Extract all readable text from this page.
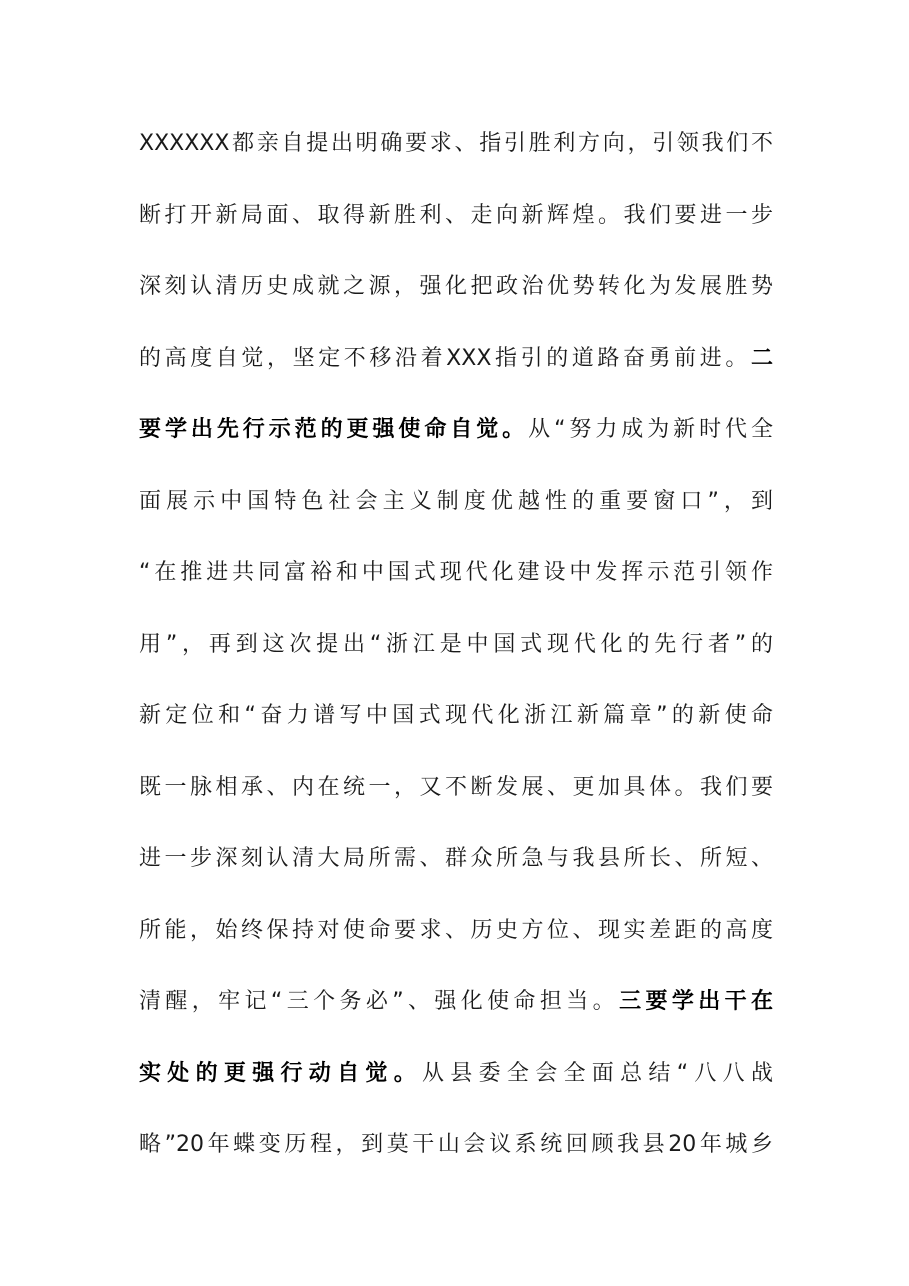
XXXXXX都亲自提出明确要求、指引胜利方向，引领我们不
断打开新局面、取得新胜利、走向新辉煌。我们要进一步
深刻认清历史成就之源，强化把政治优势转化为发展胜势
的高度自觉，坚定不移沿着XXX指引的道路奋勇前进。二
要学出先行示范的更强使命自觉。从“努力成为新时代全
面展示中国特色社会主义制度优越性的重要窗口”，到
“在推进共同富裕和中国式现代化建设中发挥示范引领作
用”，再到这次提出“浙江是中国式现代化的先行者”的
新定位和“奋力谱写中国式现代化浙江新篇章”的新使命
既一脉相承、内在统一，又不断发展、更加具体。我们要
进一步深刻认清大局所需、群众所急与我县所长、所短、
所能，始终保持对使命要求、历史方位、现实差距的高度
清醒，牢记“三个务必”、强化使命担当。三要学出干在
实处的更强行动自觉。从县委全会全面总结“八八战
略”20年蝶变历程，到莫干山会议系统回顾我县20年城乡
